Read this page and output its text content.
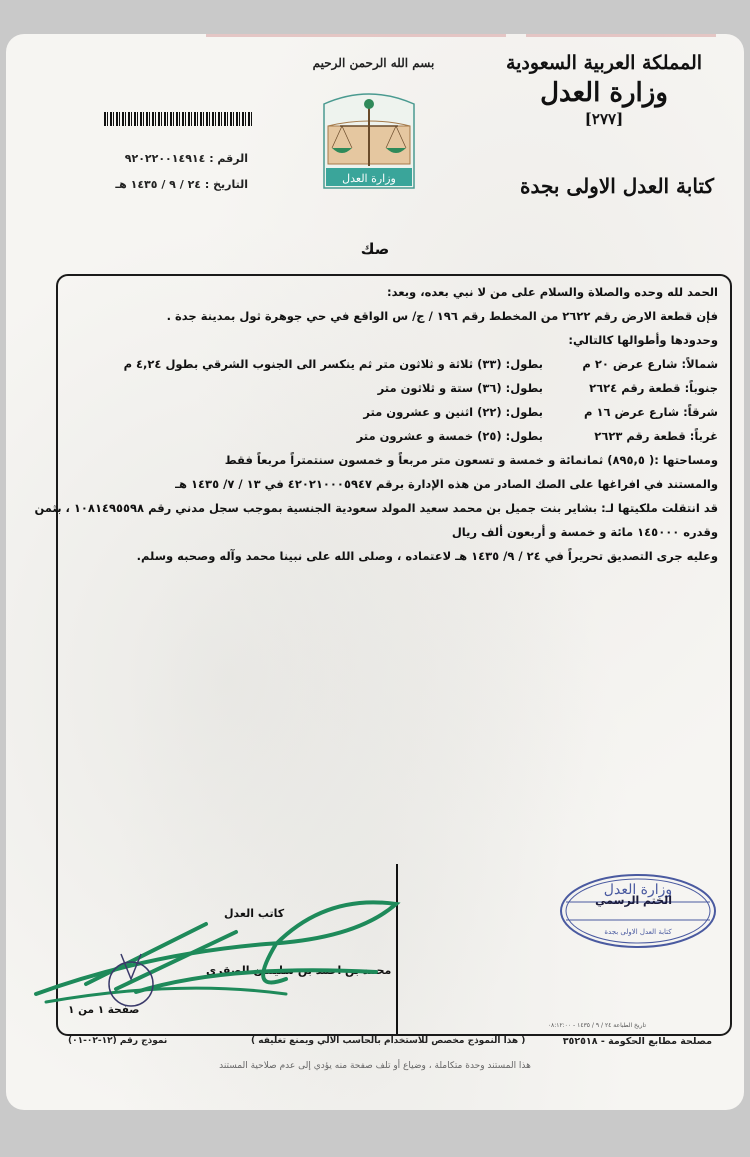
المملكة العربية السعودية
وزارة العدل
[٢٧٧]
كتابة العدل الاولى بجدة
بسم الله الرحمن الرحيم
وزارة العدل
الرقم : ٩٢٠٢٢٠٠١٤٩١٤
التاريخ : ٢٤ / ٩ / ١٤٣٥ هـ
صك
الحمد لله وحده والصلاة والسلام على من لا نبي بعده، وبعد:
فإن قطعة الارض رقم ٢٦٢٢ من المخطط رقم ١٩٦ / ج/ س الواقع في حي جوهرة ثول بمدينة جدة .
وحدودها وأطوالها كالتالي:
شمالاً: شارع عرض ٢٠ م
بطول: (٣٣) ثلاثة و ثلاثون متر ثم ينكسر الى الجنوب الشرقي بطول ٤,٢٤ م
جنوباً: قطعة رقم ٢٦٢٤
بطول: (٣٦) ستة و ثلاثون متر
شرقاً: شارع عرض ١٦ م
بطول: (٢٢) اثنين و عشرون متر
غرباً: قطعة رقم ٢٦٢٣
بطول: (٢٥) خمسة و عشرون متر
ومساحتها :( ٨٩٥,٥) ثمانمائة و خمسة و تسعون متر مربعاً و خمسون سنتمتراً مربعاً فقط
والمستند في افراغها على الصك الصادر من هذه الإدارة برقم ٤٢٠٢١٠٠٠٥٩٤٧ في ١٣ / ٧/ ١٤٣٥ هـ
قد انتقلت ملكيتها لـ: بشاير بنت جميل بن محمد سعيد المولد سعودية الجنسية بموجب سجل مدني رقم ١٠٨١٤٩٥٥٩٨ ، بثمن
وقدره ١٤٥٠٠٠ مائة و خمسة و أربعون ألف ريال
وعليه جرى التصديق تحريراً في ٢٤ / ٩/ ١٤٣٥ هـ لاعتماده ، وصلى الله على نبينا محمد وآله وصحبه وسلم.
وزارة العدل
كتابة العدل الاولى بجدة
الختم الرسمي
كاتب العدل
محمد بن احمد بن سليمان الصقري
صفحة ١ من ١
تاريخ الطباعة ٢٤ / ٩ / ١٤٣٥ - ٠٨:١٢:٠٠
مصلحة مطابع الحكومة - ٣٥٢٥١٨
( هذا النموذج مخصص للاستخدام بالحاسب الآلي ويمنع تغليفه )
نموذج رقم (١٢-٠٢-٠١)
هذا المستند وحدة متكاملة ، وضياع أو تلف صفحة منه يؤدي إلى عدم صلاحية المستند
